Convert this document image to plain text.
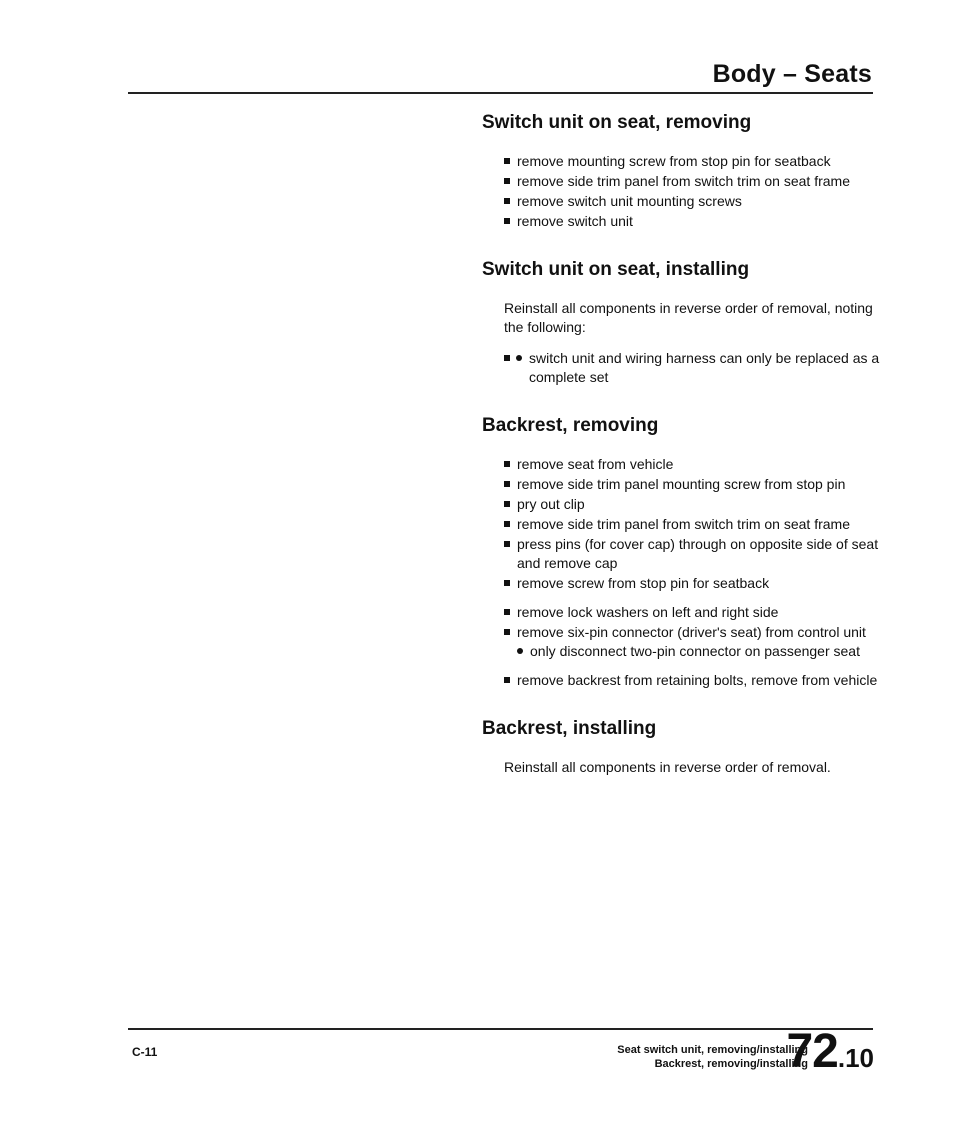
Body – Seats
Switch unit on seat, removing
remove mounting screw from stop pin for seatback
remove side trim panel from switch trim on seat frame
remove switch unit mounting screws
remove switch unit
Switch unit on seat, installing

Reinstall all components in reverse order of removal, noting the following:

switch unit and wiring harness can only be replaced as a complete set
Backrest, removing
remove seat from vehicle
remove side trim panel mounting screw from stop pin
pry out clip
remove side trim panel from switch trim on seat frame
press pins (for cover cap) through on opposite side of seat and remove cap
remove screw from stop pin for seatback
remove lock washers on left and right side
remove six-pin connector (driver's seat) from control unit
only disconnect two-pin connector on passenger seat
remove backrest from retaining bolts, remove from vehicle
Backrest, installing

Reinstall all components in reverse order of removal.

C-11	Seat switch unit, removing/installing
Backrest, removing/installing
72.10
